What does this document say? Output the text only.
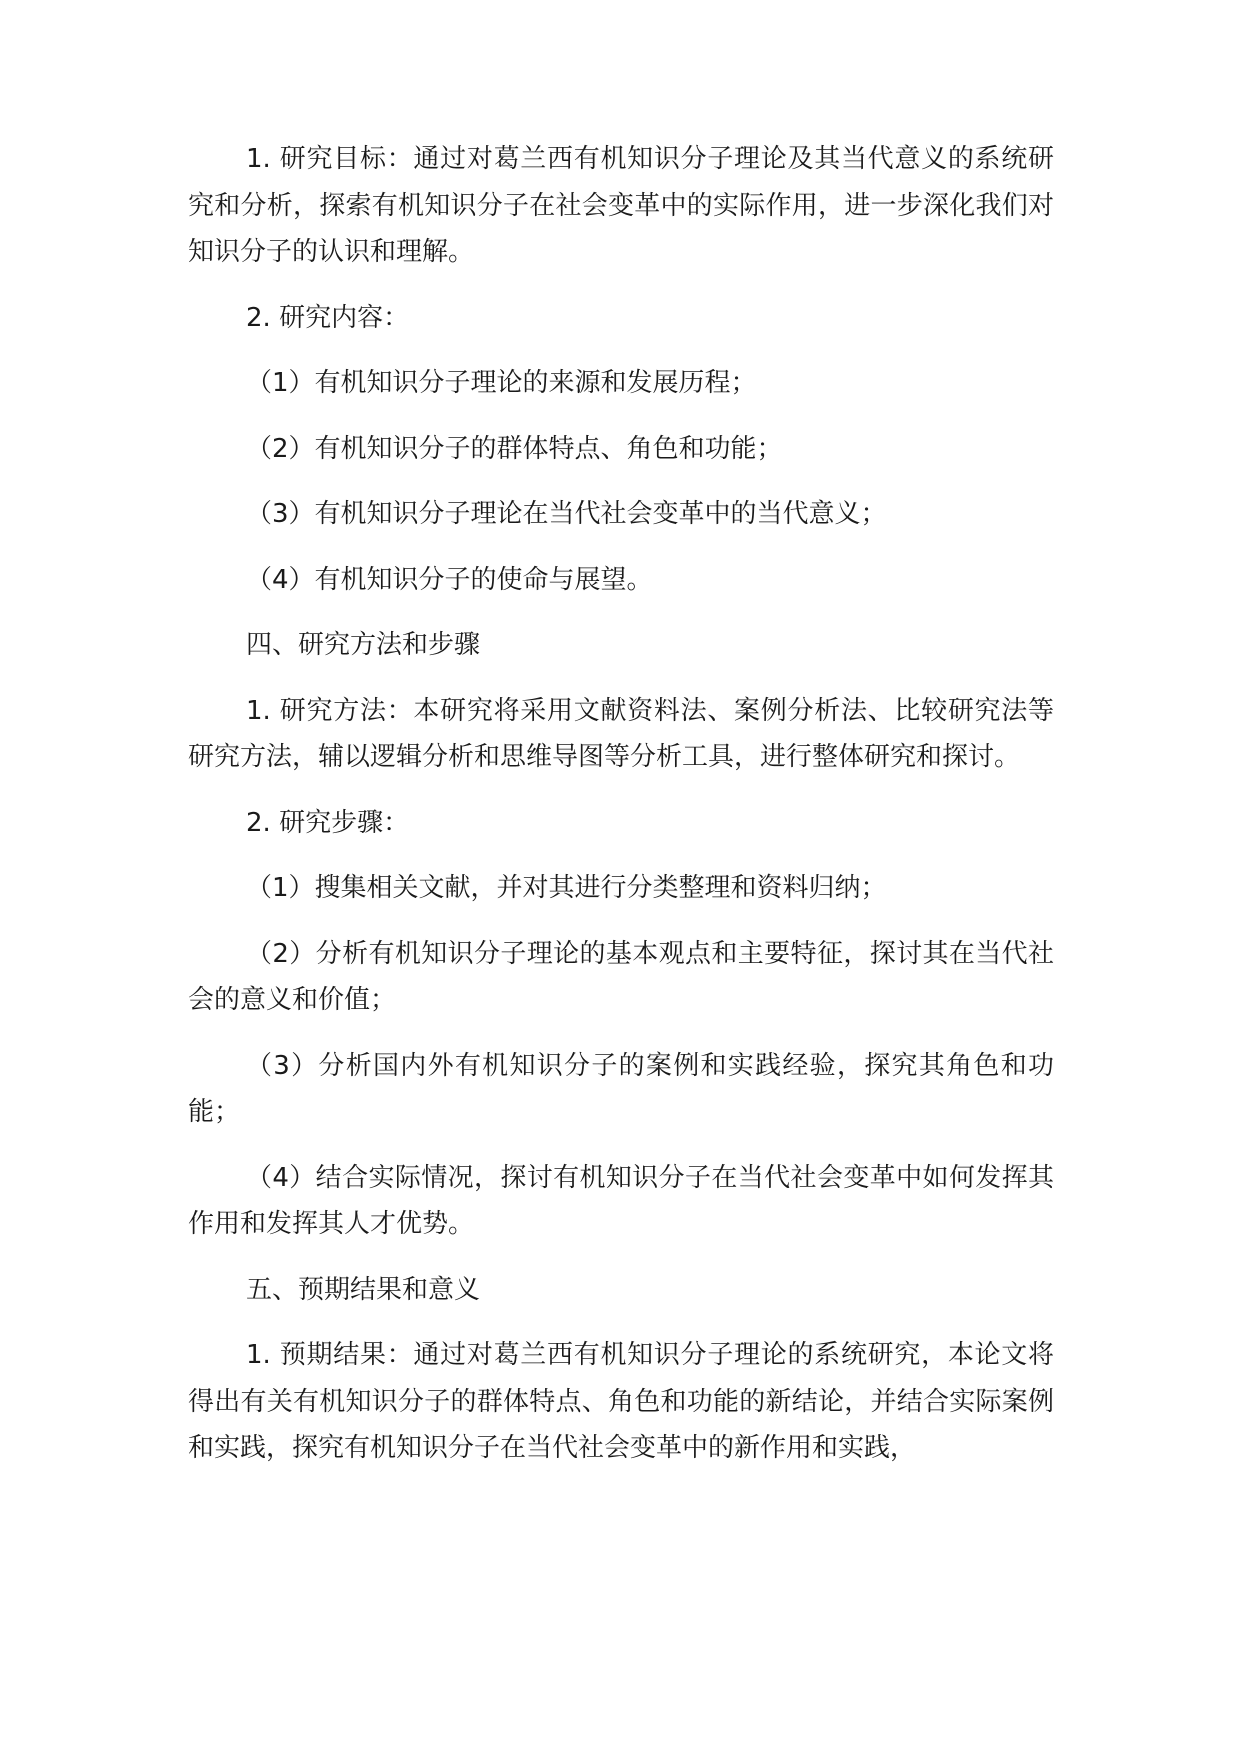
1. 研究目标：通过对葛兰西有机知识分子理论及其当代意义的系统研究和分析，探索有机知识分子在社会变革中的实际作用，进一步深化我们对知识分子的认识和理解。

2. 研究内容：

（1）有机知识分子理论的来源和发展历程；

（2）有机知识分子的群体特点、角色和功能；

（3）有机知识分子理论在当代社会变革中的当代意义；

（4）有机知识分子的使命与展望。

四、研究方法和步骤

1. 研究方法：本研究将采用文献资料法、案例分析法、比较研究法等研究方法，辅以逻辑分析和思维导图等分析工具，进行整体研究和探讨。

2. 研究步骤：

（1）搜集相关文献，并对其进行分类整理和资料归纳；

（2）分析有机知识分子理论的基本观点和主要特征，探讨其在当代社会的意义和价值；

（3）分析国内外有机知识分子的案例和实践经验，探究其角色和功能；

（4）结合实际情况，探讨有机知识分子在当代社会变革中如何发挥其作用和发挥其人才优势。

五、预期结果和意义

1. 预期结果：通过对葛兰西有机知识分子理论的系统研究，本论文将得出有关有机知识分子的群体特点、角色和功能的新结论，并结合实际案例和实践，探究有机知识分子在当代社会变革中的新作用和实践，
